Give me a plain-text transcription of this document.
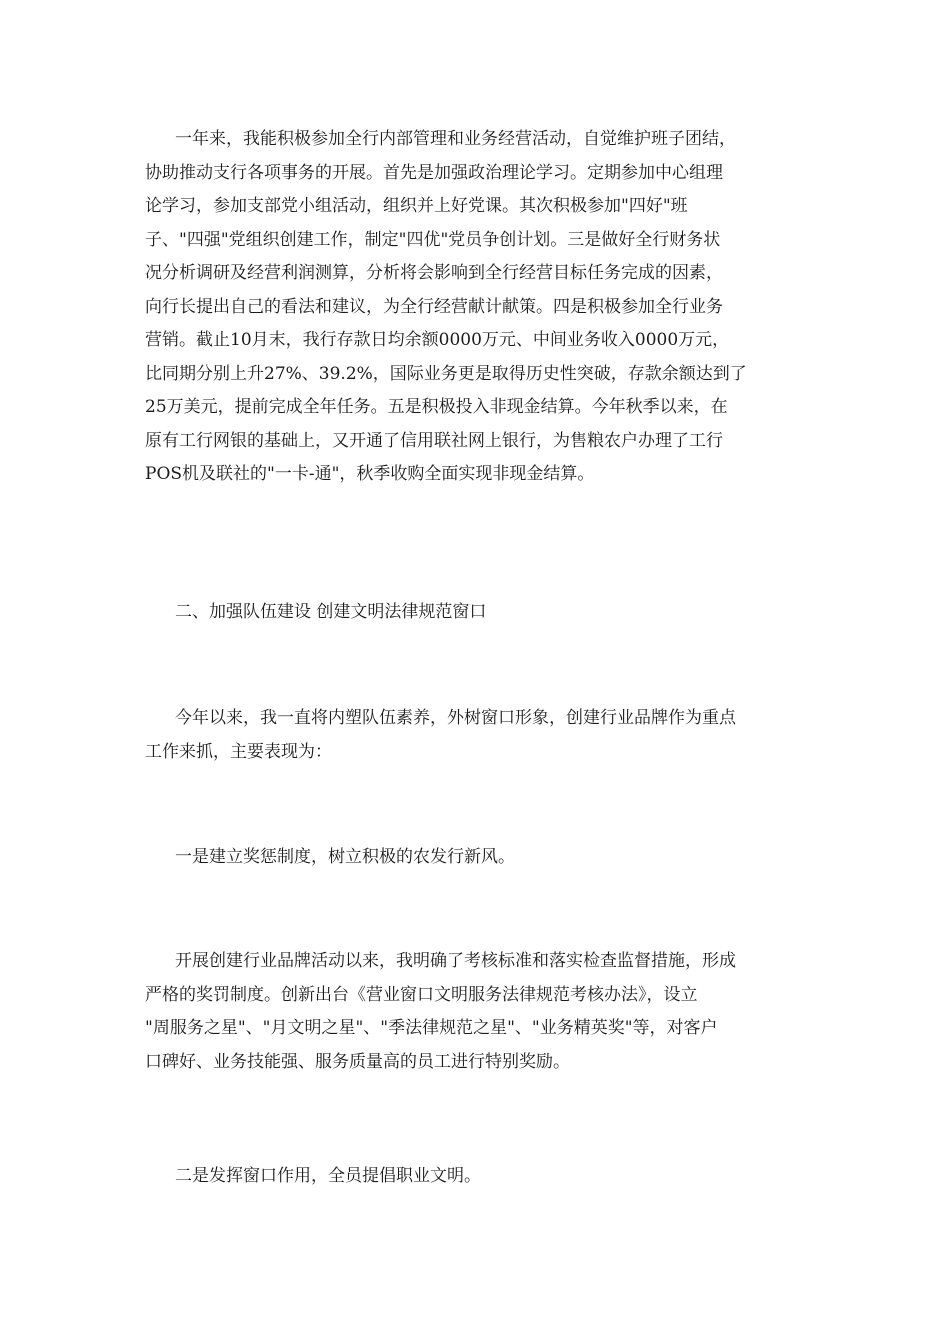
一年来，我能积极参加全行内部管理和业务经营活动，自觉维护班子团结，
协助推动支行各项事务的开展。首先是加强政治理论学习。定期参加中心组理
论学习，参加支部党小组活动，组织并上好党课。其次积极参加"四好"班
子、"四强"党组织创建工作，制定"四优"党员争创计划。三是做好全行财务状
况分析调研及经营利润测算，分析将会影响到全行经营目标任务完成的因素，
向行长提出自己的看法和建议，为全行经营献计献策。四是积极参加全行业务
营销。截止10月末，我行存款日均余额0000万元、中间业务收入0000万元，
比同期分别上升27%、39.2%，国际业务更是取得历史性突破，存款余额达到了
25万美元，提前完成全年任务。五是积极投入非现金结算。今年秋季以来，在
原有工行网银的基础上，又开通了信用联社网上银行，为售粮农户办理了工行
POS机及联社的"一卡-通"，秋季收购全面实现非现金结算。
二、加强队伍建设 创建文明法律规范窗口
今年以来，我一直将内塑队伍素养，外树窗口形象，创建行业品牌作为重点
工作来抓，主要表现为：
一是建立奖惩制度，树立积极的农发行新风。
开展创建行业品牌活动以来，我明确了考核标准和落实检查监督措施，形成
严格的奖罚制度。创新出台《营业窗口文明服务法律规范考核办法》，设立
"周服务之星"、"月文明之星"、"季法律规范之星"、"业务精英奖"等，对客户
口碑好、业务技能强、服务质量高的员工进行特别奖励。
二是发挥窗口作用，全员提倡职业文明。
